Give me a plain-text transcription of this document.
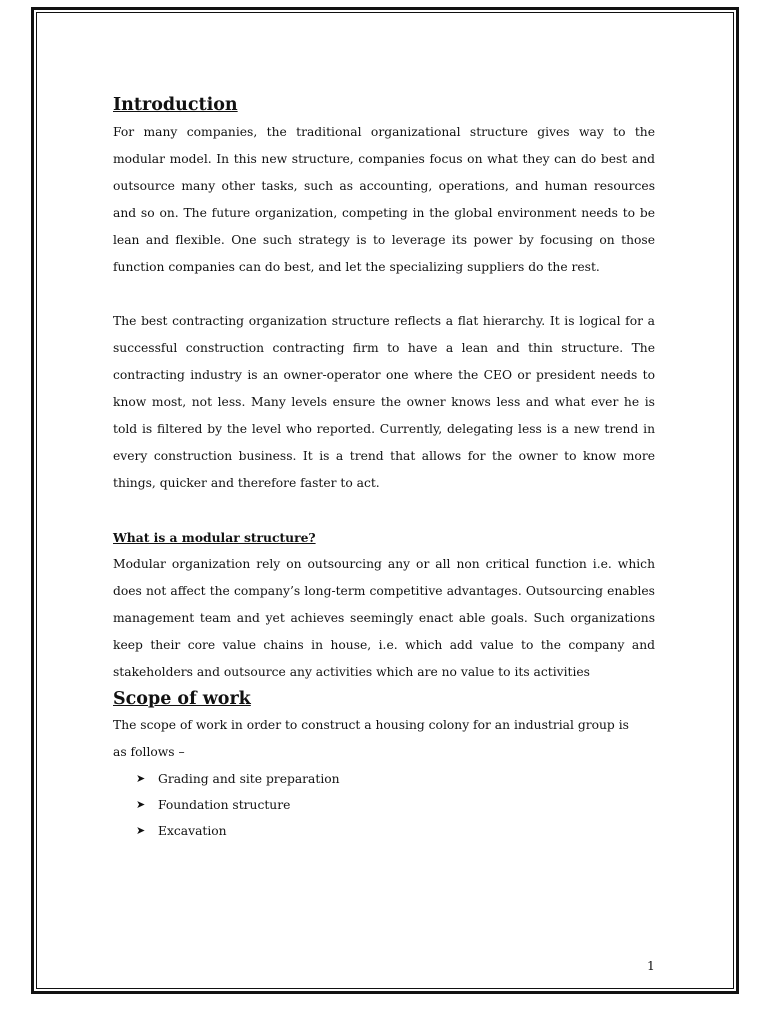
Introduction

For many companies, the traditional organizational structure gives way to the modular model. In this new structure, companies focus on what they can do best and outsource many other tasks, such as accounting, operations, and human resources and so on. The future organization, competing in the global environment needs to be lean and flexible. One such strategy is to leverage its power by focusing on those function companies can do best, and let the specializing suppliers do the rest.

The best contracting organization structure reflects a flat hierarchy. It is logical for a successful construction contracting firm to have a lean and thin structure. The contracting industry is an owner-operator one where the CEO or president needs to know most, not less. Many levels ensure the owner knows less and what ever he is told is filtered by the level who reported. Currently, delegating less is a new trend in every construction business. It is a trend that allows for the owner to know more things, quicker and therefore faster to act.

What is a modular structure?

Modular organization rely on outsourcing any or all non critical function i.e. which does not affect the company’s long-term competitive advantages. Outsourcing enables management team and yet achieves seemingly enact able goals. Such organizations keep their core value chains in house, i.e. which add value to the company and stakeholders and outsource any activities which are no value to its activities

Scope of work

The scope of work in order to construct a housing colony for an industrial group is as follows –

➤	Grading and site preparation
➤	Foundation structure
➤	Excavation
1
